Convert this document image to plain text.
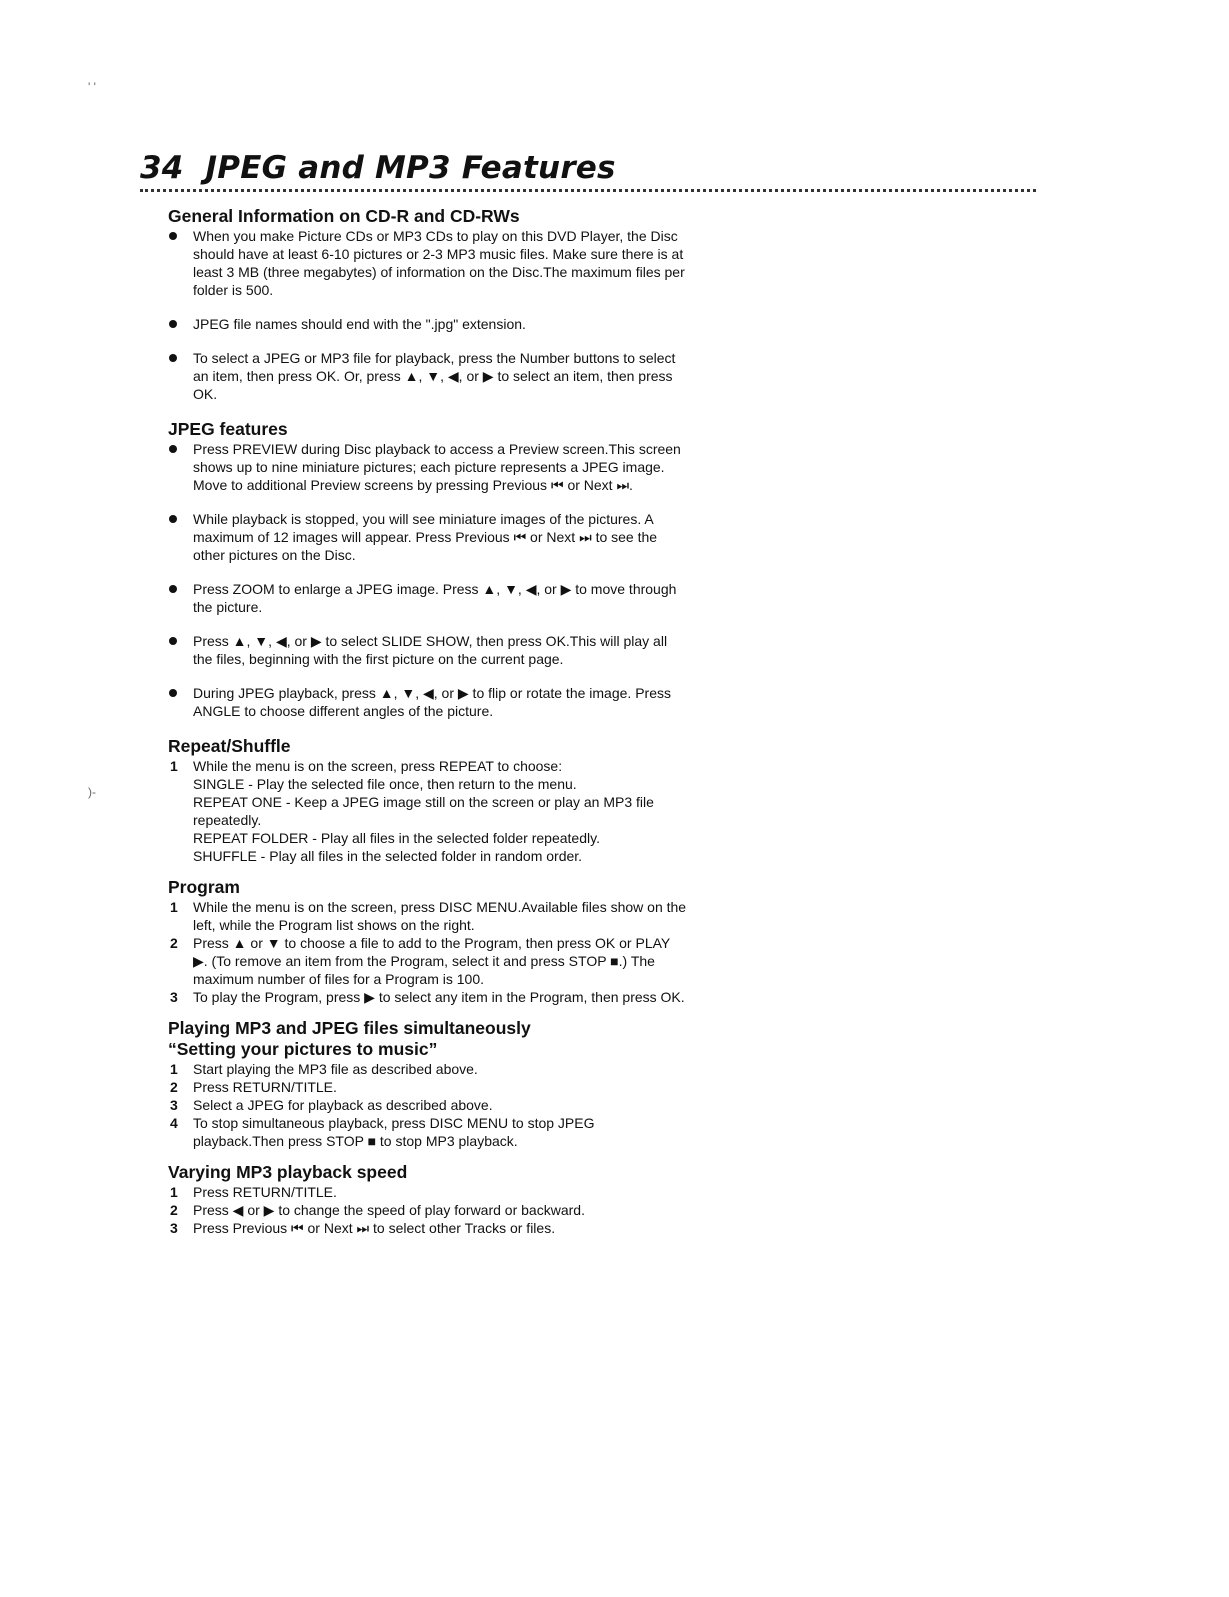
' '
)-
34 JPEG and MP3 Features
General Information on CD-R and CD-RWs
When you make Picture CDs or MP3 CDs to play on this DVD Player, the Disc should have at least 6-10 pictures or 2-3 MP3 music files. Make sure there is at least 3 MB (three megabytes) of information on the Disc.The maximum files per folder is 500.
JPEG file names should end with the ".jpg" extension.
To select a JPEG or MP3 file for playback, press the Number buttons to select an item, then press OK. Or, press ▲, ▼, ◀, or ▶ to select an item, then press OK.
JPEG features
Press PREVIEW during Disc playback to access a Preview screen.This screen shows up to nine miniature pictures; each picture represents a JPEG image. Move to additional Preview screens by pressing Previous ⏮ or Next ⏭.
While playback is stopped, you will see miniature images of the pictures. A maximum of 12 images will appear. Press Previous ⏮ or Next ⏭ to see the other pictures on the Disc.
Press ZOOM to enlarge a JPEG image. Press ▲, ▼, ◀, or ▶ to move through the picture.
Press ▲, ▼, ◀, or ▶ to select SLIDE SHOW, then press OK.This will play all the files, beginning with the first picture on the current page.
During JPEG playback, press ▲, ▼, ◀, or ▶ to flip or rotate the image. Press ANGLE to choose different angles of the picture.
Repeat/Shuffle
1 While the menu is on the screen, press REPEAT to choose:
SINGLE - Play the selected file once, then return to the menu.
REPEAT ONE - Keep a JPEG image still on the screen or play an MP3 file repeatedly.
REPEAT FOLDER - Play all files in the selected folder repeatedly.
SHUFFLE - Play all files in the selected folder in random order.
Program
1 While the menu is on the screen, press DISC MENU.Available files show on the left, while the Program list shows on the right.
2 Press ▲ or ▼ to choose a file to add to the Program, then press OK or PLAY ▶. (To remove an item from the Program, select it and press STOP ■.) The maximum number of files for a Program is 100.
3 To play the Program, press ▶ to select any item in the Program, then press OK.
Playing MP3 and JPEG files simultaneously
“Setting your pictures to music”
1 Start playing the MP3 file as described above.
2 Press RETURN/TITLE.
3 Select a JPEG for playback as described above.
4 To stop simultaneous playback, press DISC MENU to stop JPEG playback.Then press STOP ■ to stop MP3 playback.
Varying MP3 playback speed
1 Press RETURN/TITLE.
2 Press ◀ or ▶ to change the speed of play forward or backward.
3 Press Previous ⏮ or Next ⏭ to select other Tracks or files.
